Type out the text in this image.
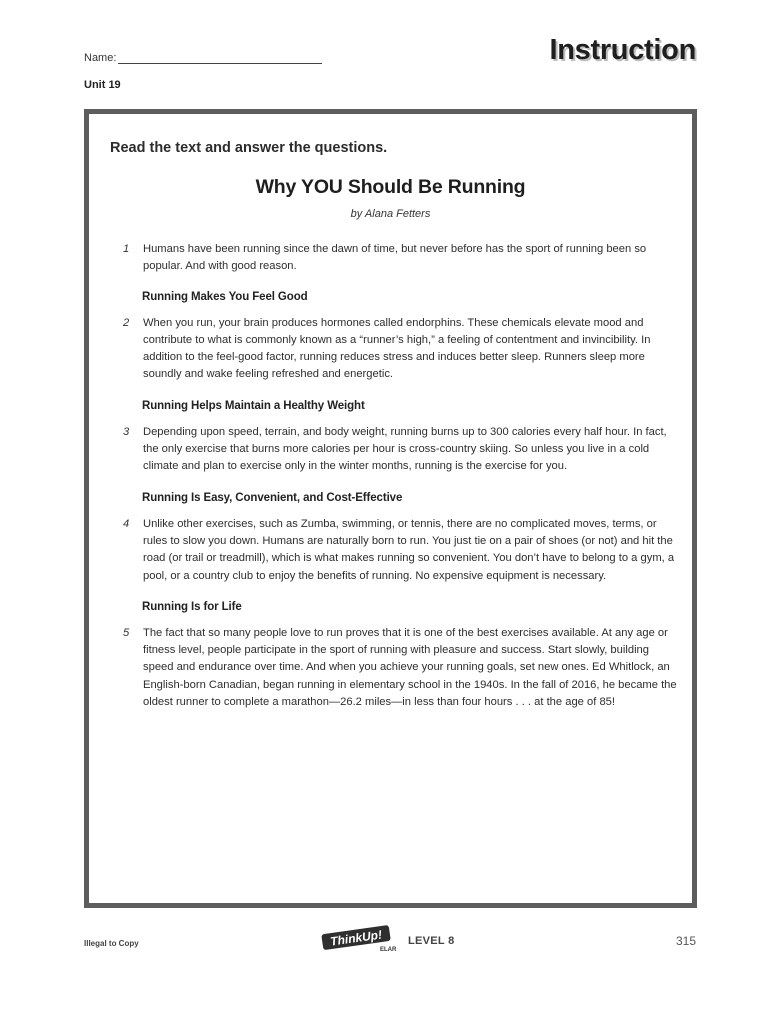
Name:
Unit 19
Instruction
Read the text and answer the questions.
Why YOU Should Be Running
by Alana Fetters
1	Humans have been running since the dawn of time, but never before has the sport of running been so popular. And with good reason.
Running Makes You Feel Good
2	When you run, your brain produces hormones called endorphins. These chemicals elevate mood and contribute to what is commonly known as a “runner’s high,” a feeling of contentment and invincibility. In addition to the feel-good factor, running reduces stress and induces better sleep. Runners sleep more soundly and wake feeling refreshed and energetic.
Running Helps Maintain a Healthy Weight
3	Depending upon speed, terrain, and body weight, running burns up to 300 calories every half hour. In fact, the only exercise that burns more calories per hour is cross-country skiing. So unless you live in a cold climate and plan to exercise only in the winter months, running is the exercise for you.
Running Is Easy, Convenient, and Cost-Effective
4	Unlike other exercises, such as Zumba, swimming, or tennis, there are no complicated moves, terms, or rules to slow you down. Humans are naturally born to run. You just tie on a pair of shoes (or not) and hit the road (or trail or treadmill), which is what makes running so convenient. You don’t have to belong to a gym, a pool, or a country club to enjoy the benefits of running. No expensive equipment is necessary.
Running Is for Life
5	The fact that so many people love to run proves that it is one of the best exercises available. At any age or fitness level, people participate in the sport of running with pleasure and success. Start slowly, building speed and endurance over time. And when you achieve your running goals, set new ones. Ed Whitlock, an English-born Canadian, began running in elementary school in the 1940s. In the fall of 2016, he became the oldest runner to complete a marathon—26.2 miles—in less than four hours . . . at the age of 85!
Illegal to Copy	ThinkUp!
ELAR
LEVEL 8	315
